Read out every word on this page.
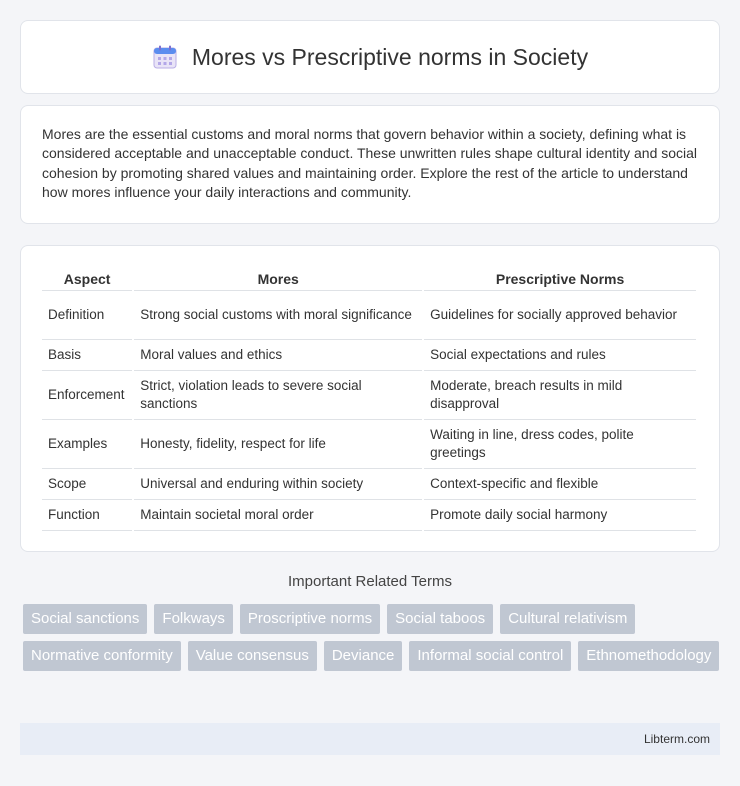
Mores vs Prescriptive norms in Society

Mores are the essential customs and moral norms that govern behavior within a society, defining what is considered acceptable and unacceptable conduct. These unwritten rules shape cultural identity and social cohesion by promoting shared values and maintaining order. Explore the rest of the article to understand how mores influence your daily interactions and community.

Aspect	Mores	Prescriptive Norms
Definition	Strong social customs with moral significance	Guidelines for socially approved behavior
Basis	Moral values and ethics	Social expectations and rules
Enforcement	Strict, violation leads to severe social sanctions	Moderate, breach results in mild disapproval
Examples	Honesty, fidelity, respect for life	Waiting in line, dress codes, polite greetings
Scope	Universal and enduring within society	Context-specific and flexible
Function	Maintain societal moral order	Promote daily social harmony
Important Related Terms
Social sanctions	Folkways	Proscriptive norms	Social taboos	Cultural relativism
Normative conformity	Value consensus	Deviance	Informal social control	Ethnomethodology
Libterm.com
